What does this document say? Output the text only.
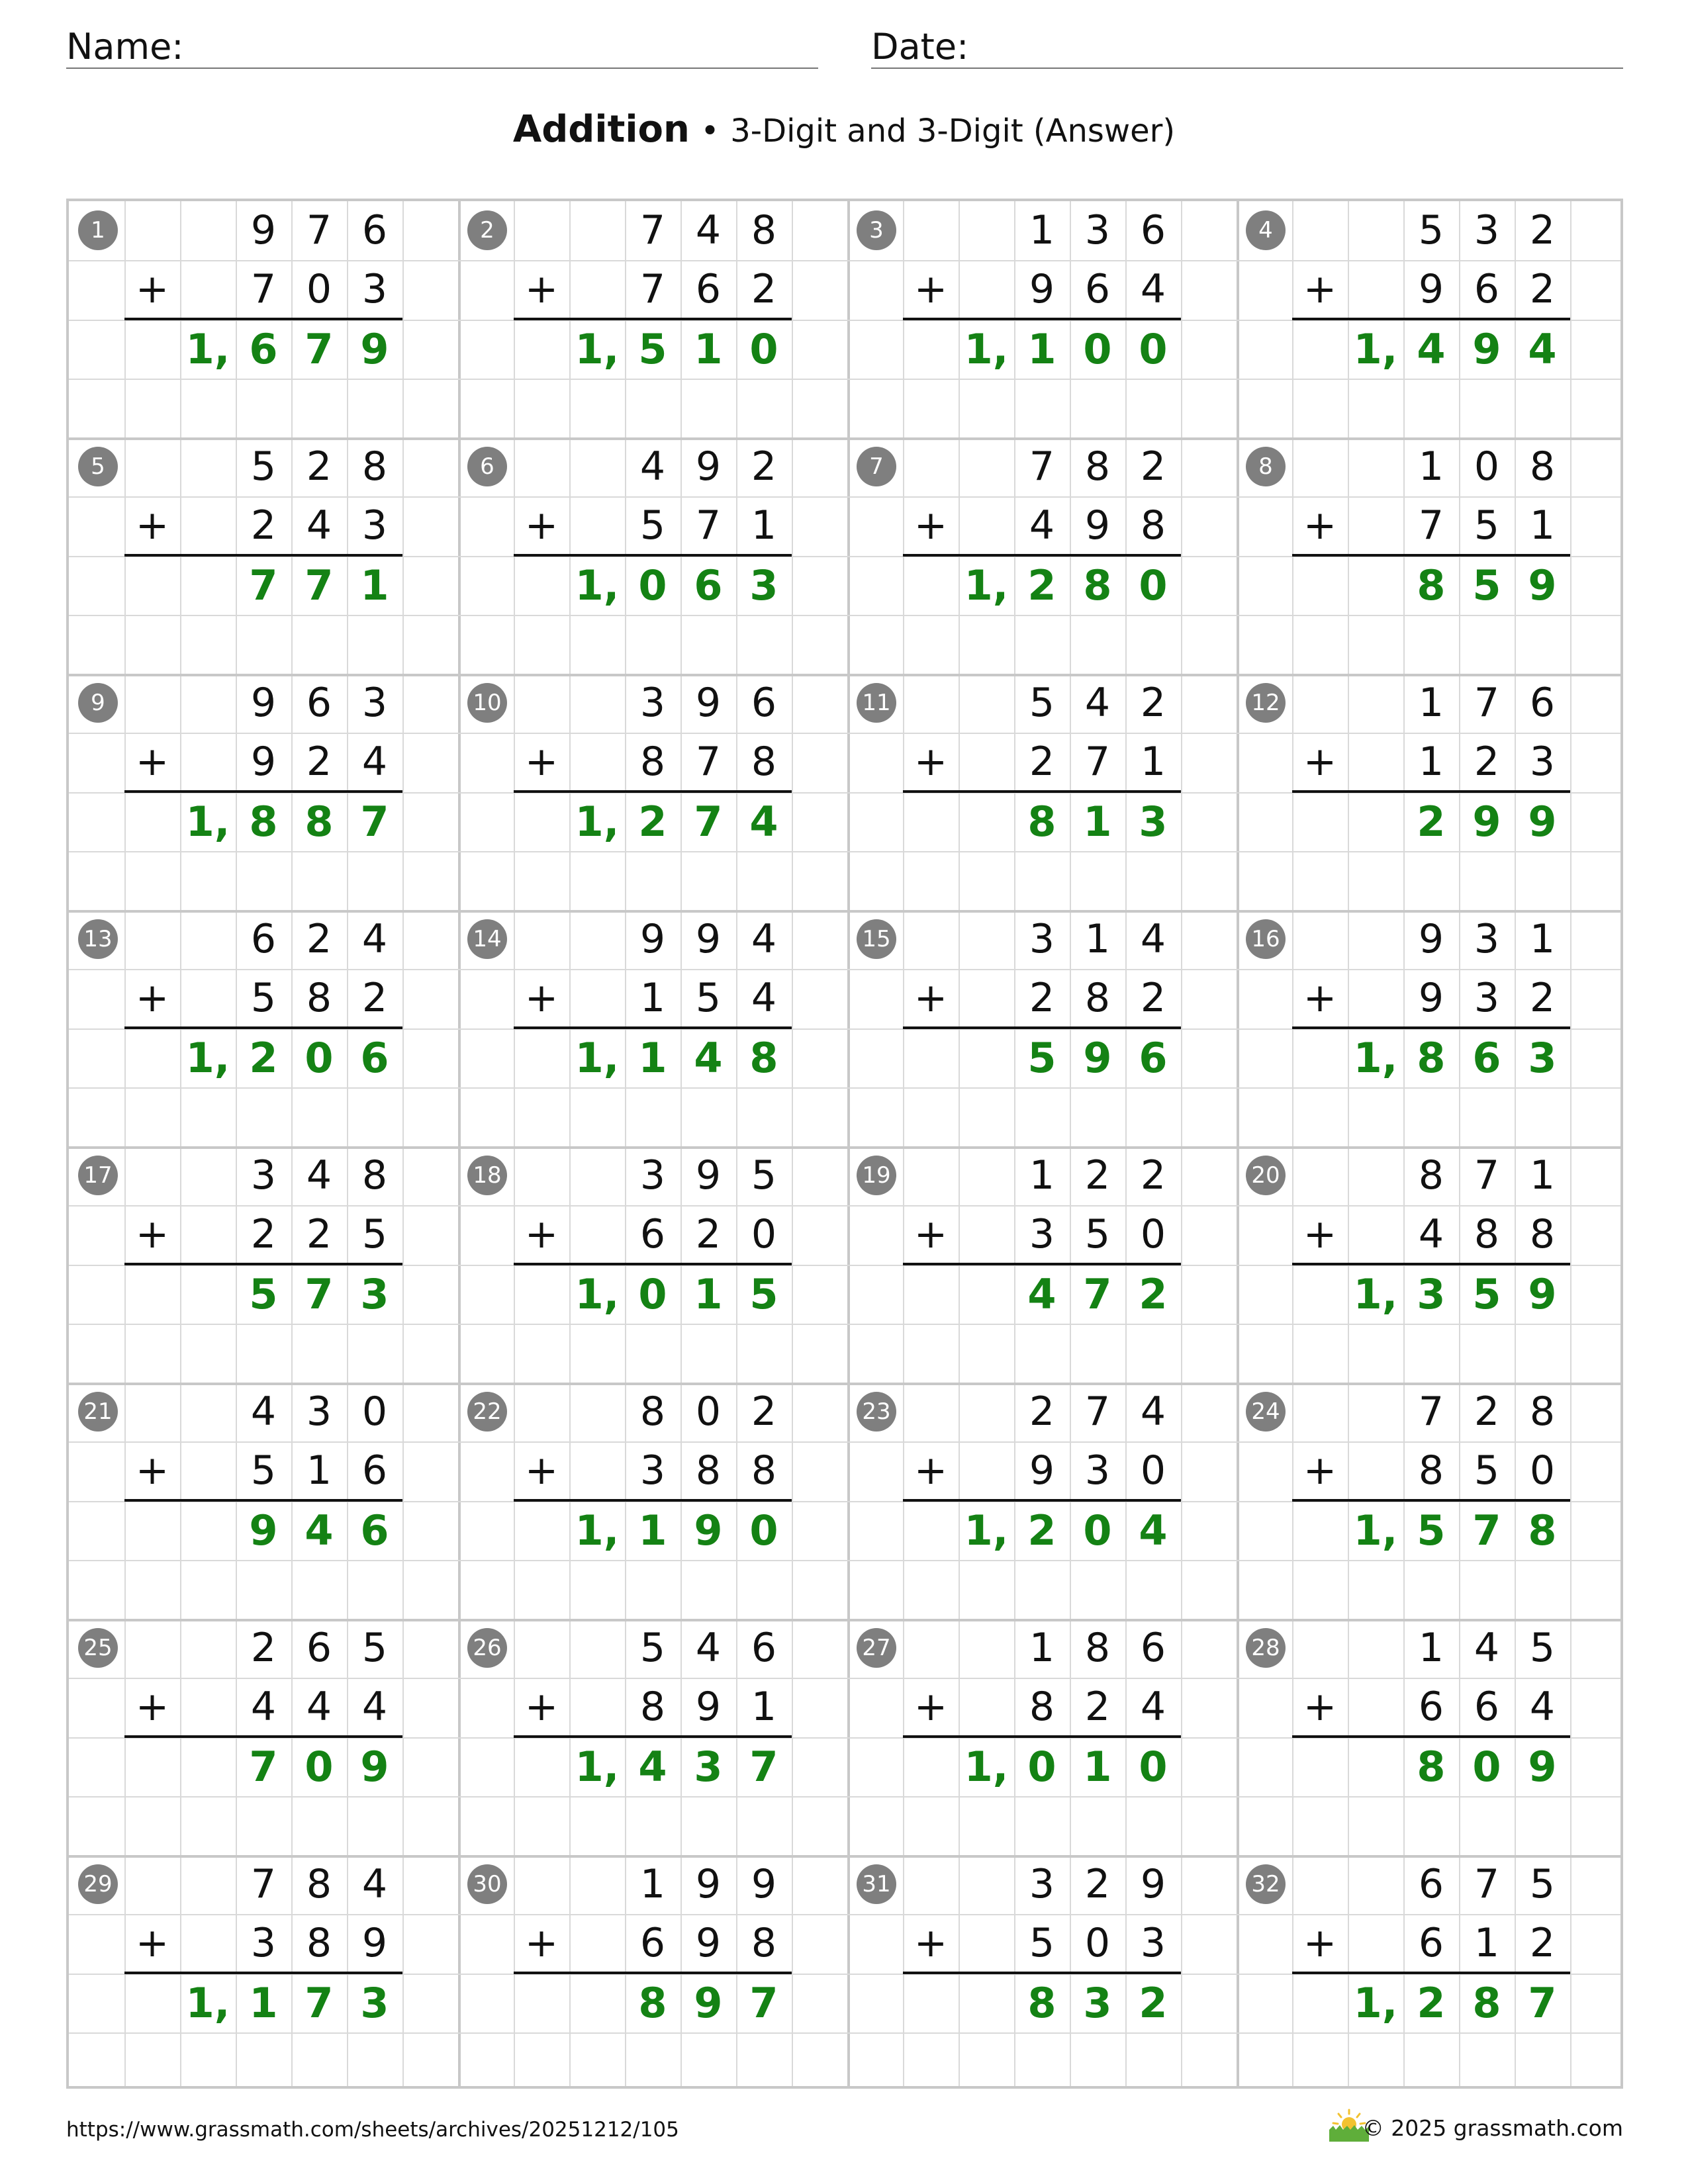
Name:	Date:
Addition • 3-Digit and 3-Digit (Answer)
1	9 7 6
+	7 0 3
1, 6 7 9
2	7 4 8
+	7 6 2
1, 5 1 0
3	1 3 6
+	9 6 4
1, 1 0 0
4	5 3 2
+	9 6 2
1, 4 9 4
5	5 2 8
+	2 4 3
7 7 1
6	4 9 2
+	5 7 1
1, 0 6 3
7	7 8 2
+	4 9 8
1, 2 8 0
8	1 0 8
+	7 5 1
8 5 9
9	9 6 3
+	9 2 4
1, 8 8 7
10	3 9 6
+	8 7 8
1, 2 7 4
11	5 4 2
+	2 7 1
8 1 3
12	1 7 6
+	1 2 3
2 9 9
13	6 2 4
+	5 8 2
1, 2 0 6
14	9 9 4
+	1 5 4
1, 1 4 8
15	3 1 4
+	2 8 2
5 9 6
16	9 3 1
+	9 3 2
1, 8 6 3
17	3 4 8
+	2 2 5
5 7 3
18	3 9 5
+	6 2 0
1, 0 1 5
19	1 2 2
+	3 5 0
4 7 2
20	8 7 1
+	4 8 8
1, 3 5 9
21	4 3 0
+	5 1 6
9 4 6
22	8 0 2
+	3 8 8
1, 1 9 0
23	2 7 4
+	9 3 0
1, 2 0 4
24	7 2 8
+	8 5 0
1, 5 7 8
25	2 6 5
+	4 4 4
7 0 9
26	5 4 6
+	8 9 1
1, 4 3 7
27	1 8 6
+	8 2 4
1, 0 1 0
28	1 4 5
+	6 6 4
8 0 9
29	7 8 4
+	3 8 9
1, 1 7 3
30	1 9 9
+	6 9 8
8 9 7
31	3 2 9
+	5 0 3
8 3 2
32	6 7 5
+	6 1 2
1, 2 8 7
https://www.grassmath.com/sheets/archives/20251212/105	© 2025 grassmath.com
